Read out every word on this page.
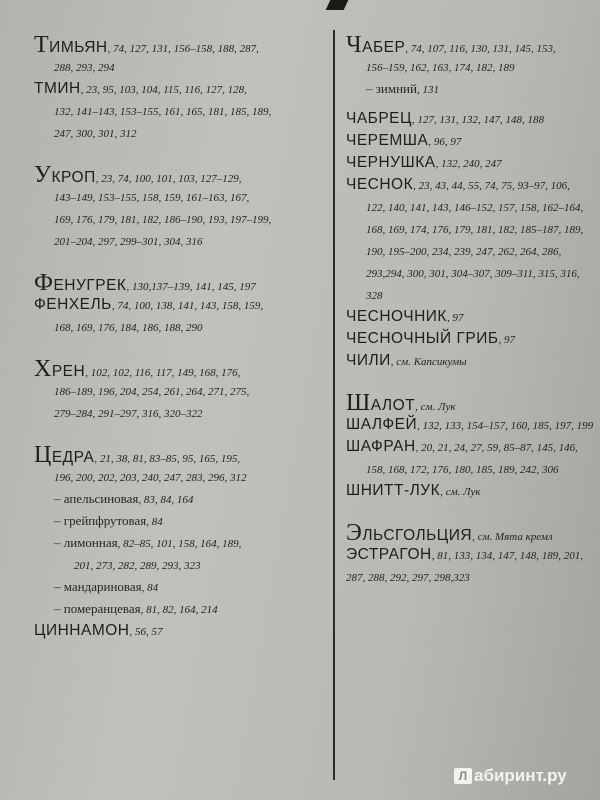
ТИМЬЯН, 74, 127, 131, 156–158, 188, 287,
288, 293, 294
ТМИН, 23, 95, 103, 104, 115, 116, 127, 128,
132, 141–143, 153–155, 161, 165, 181, 185, 189,
247, 300, 301, 312
УКРОП, 23, 74, 100, 101, 103, 127–129,
143–149, 153–155, 158, 159, 161–163, 167,
169, 176, 179, 181, 182, 186–190, 193, 197–199,
201–204, 297, 299–301, 304, 316
ФЕНУГРЕК, 130,137–139, 141, 145, 197
ФЕНХЕЛЬ, 74, 100, 138, 141, 143, 158, 159,
168, 169, 176, 184, 186, 188, 290
ХРЕН, 102, 102, 116, 117, 149, 168, 176,
186–189, 196, 204, 254, 261, 264, 271, 275,
279–284, 291–297, 316, 320–322
ЦЕДРА, 21, 38, 81, 83–85, 95, 165, 195,
196, 200, 202, 203, 240, 247, 283, 296, 312
– апельсиновая, 83, 84, 164
– грейпфрутовая, 84
– лимонная, 82–85, 101, 158, 164, 189,
201, 273, 282, 289, 293, 323
– мандариновая, 84
– померанцевая, 81, 82, 164, 214
ЦИННАМОН, 56, 57
ЧАБЕР, 74, 107, 116, 130, 131, 145, 153,
156–159, 162, 163, 174, 182, 189
– зимний, 131
ЧАБРЕЦ, 127, 131, 132, 147, 148, 188
ЧЕРЕМША, 96, 97
ЧЕРНУШКА, 132, 240, 247
ЧЕСНОК, 23, 43, 44, 55, 74, 75, 93–97, 106,
122, 140, 141, 143, 146–152, 157, 158, 162–164,
168, 169, 174, 176, 179, 181, 182, 185–187, 189,
190, 195–200, 234, 239, 247, 262, 264, 286,
293,294, 300, 301, 304–307, 309–311, 315, 316,
328
ЧЕСНОЧНИК, 97
ЧЕСНОЧНЫЙ ГРИБ, 97
ЧИЛИ, см. Капсикумы
ШАЛОТ, см. Лук
ШАЛФЕЙ, 132, 133, 154–157, 160, 185, 197, 199
ШАФРАН, 20, 21, 24, 27, 59, 85–87, 145, 146,
158, 168, 172, 176, 180, 185, 189, 242, 306
ШНИТТ-ЛУК, см. Лук
ЭЛЬСГОЛЬЦИЯ, см. Мята кремл
ЭСТРАГОН, 81, 133, 134, 147, 148, 189, 201,
287, 288, 292, 297, 298,323
Л абиринт.ру
